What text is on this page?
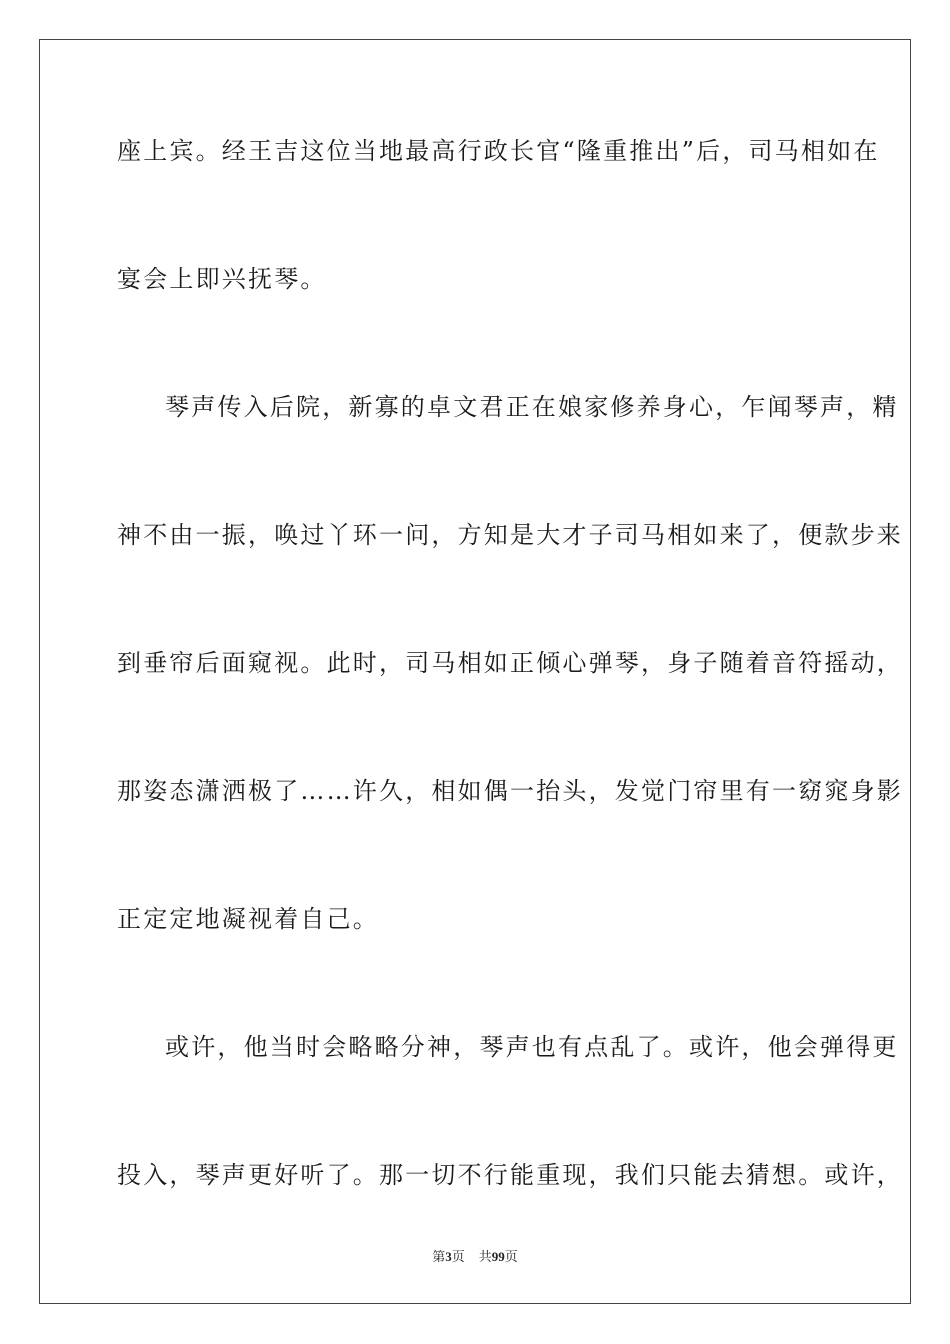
座上宾。经王吉这位当地最高行政长官“隆重推出”后，司马相如在
宴会上即兴抚琴。
琴声传入后院，新寡的卓文君正在娘家修养身心，乍闻琴声，精
神不由一振，唤过丫环一问，方知是大才子司马相如来了，便款步来
到垂帘后面窥视。此时，司马相如正倾心弹琴，身子随着音符摇动，
那姿态潇洒极了……许久，相如偶一抬头，发觉门帘里有一窈窕身影
正定定地凝视着自己。
或许，他当时会略略分神，琴声也有点乱了。或许，他会弹得更
投入，琴声更好听了。那一切不行能重现，我们只能去猜想。或许，
第3页 共99页
